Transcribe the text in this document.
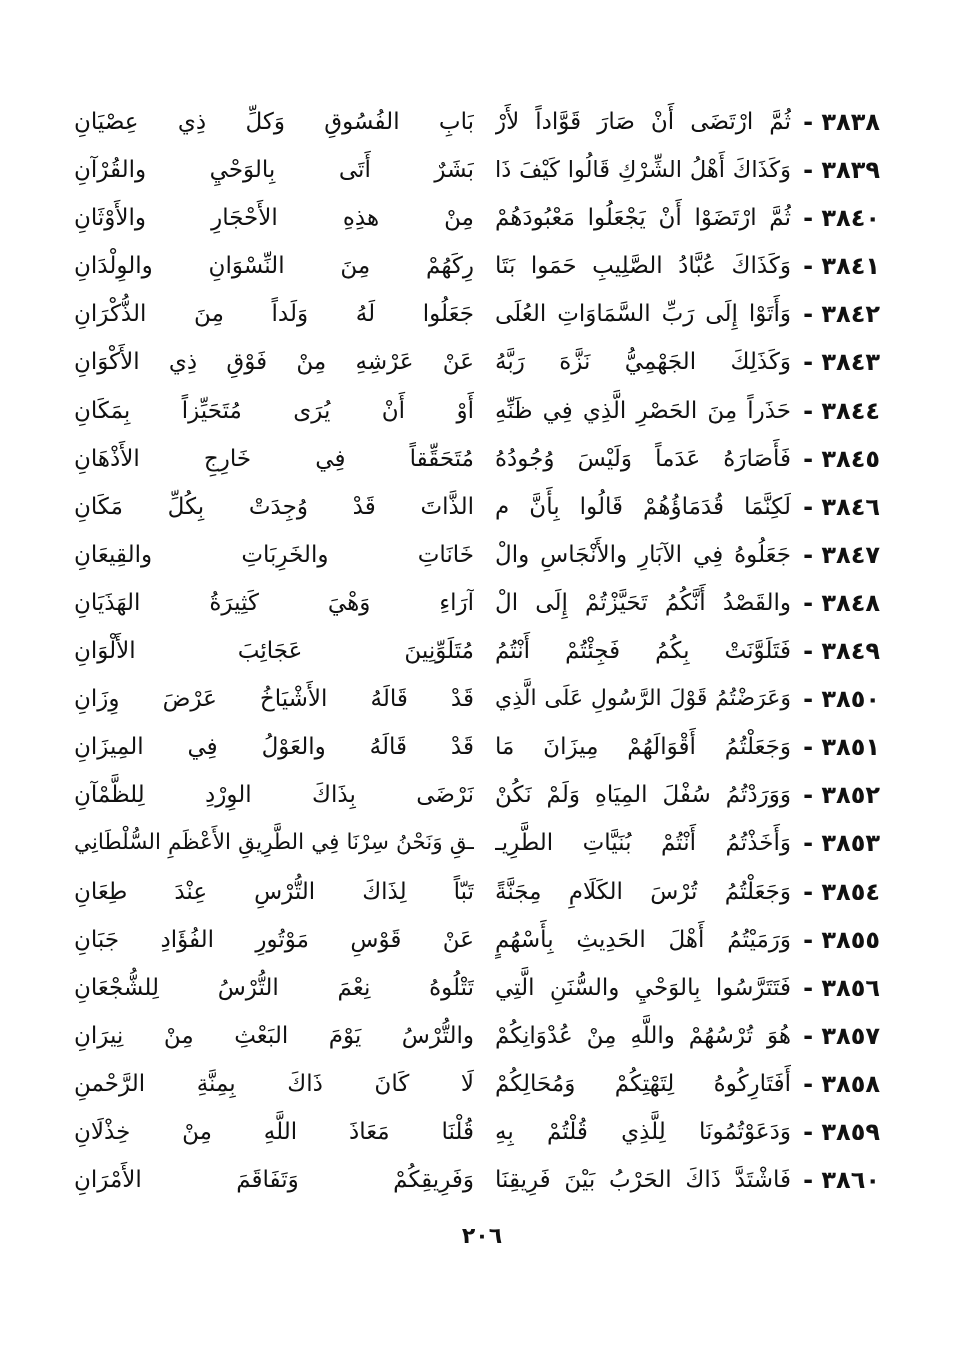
٣٨٣٨ -
ثُمَّ ارْتَضَى أَنْ صَارَ قَوَّاداً لأَرْ
بَابِ الفُسُوقِ وَكلِّ ذِي عِصْيَانِ
٣٨٣٩ -
وَكَذَاكَ أَهْلُ الشِّرْكِ قَالُوا كَيْفَ ذَا
بَشَرٌ أَتَى بِالوَحْيِ والقُرْآنِ
٣٨٤٠ -
ثُمَّ ارْتَضَوْا أَنْ يَجْعَلُوا مَعْبُودَهُمْ
مِنْ هذِهِ الأَحْجَارِ والأَوْثَانِ
٣٨٤١ -
وَكَذَاكَ عُبَّادُ الصَّلِيبِ حَمَوا بَتَا
رِكَهُمْ مِنَ النِّسْوَانِ والوِلْدَانِ
٣٨٤٢ -
وَأَتَوْا إِلَى رَبِّ السَّمَاوَاتِ العُلَى
جَعَلُوا لَهُ وَلَداً مِنَ الذُّكْرَانِ
٣٨٤٣ -
وَكَذَلِكَ الجَهْمِيُّ نَزَّهَ رَبَّهُ
عَنْ عَرْشِهِ مِنْ فَوْقِ ذِي الأَكْوَانِ
٣٨٤٤ -
حَذَراً مِنَ الحَصْرِ الَّذِي فِي ظَنِّهِ
أَوْ أَنْ يُرَى مُتَحَيِّزاً بِمَكَانِ
٣٨٤٥ -
فَأَصَارَهُ عَدَماً وَلَيْسَ وُجُودُهُ
مُتَحَقِّقاً فِي خَارِجِ الأَذْهَانِ
٣٨٤٦ -
لَكِنَّمَا قُدَمَاؤُهُمْ قَالُوا بِأَنَّ م
الذَّاتَ قَدْ وُجِدَتْ بِكُلِّ مَكَانِ
٣٨٤٧ -
جَعَلُوهُ فِي الآبَارِ والأَنْجَاسِ والْ
خَانَاتِ والخَرِبَاتِ والقِيعَانِ
٣٨٤٨ -
والقَصْدُ أَنَّكُمُ تَحَيَّزْتُمْ إِلَى الْ
آرَاءِ وَهْيَ كَثِيرَةُ الهَذَيَانِ
٣٨٤٩ -
فَتَلَوَّنَتْ بِكُمُ فَجِئْتُمْ أَنْتُمُ
مُتَلَوِّنِينَ عَجَائِبَ الأَلْوَانِ
٣٨٥٠ -
وَعَرَضْتُمُ قَوْلَ الرَّسُولِ عَلَى الَّذِي
قَدْ قَالَهُ الأَشْيَاخُ عَرْضَ وِزَانِ
٣٨٥١ -
وَجَعَلْتُمُ أَقْوَالَهُمْ مِيزَانَ مَا
قَدْ قَالَهُ والعَوْلُ فِي المِيزَانِ
٣٨٥٢ -
وَوَرَدْتُمُ سُفْلَ المِيَاهِ وَلَمْ نَكُنْ
نَرْضَى بِذَاكَ الوِرْدِ لِلظَّمْآنِ
٣٨٥٣ -
وَأَخَذْتُمُ أَنْتُمْ بُنَيَّاتِ الطَّرِيـ
ـقِ وَنَحْنُ سِرْنَا فِي الطَّرِيقِ الأَعْظَمِ السُّلْطَانِي
٣٨٥٤ -
وَجَعَلْتُمُ تُرْسَ الكَلَامِ مِجَنَّةً
تَبّاً لِذَاكَ التُّرْسِ عِنْدَ طِعَانِ
٣٨٥٥ -
وَرَمَيْتُمُ أَهْلَ الحَدِيثِ بِأَسْهُمٍ
عَنْ قَوْسِ مَوْتُورِ الفُؤَادِ جَبَانِ
٣٨٥٦ -
فَتَتَرَّسُوا بِالوَحْيِ والسُّنَنِ الَّتِي
تَتْلُوهُ نِعْمَ التُّرْسُ لِلشُّجْعَانِ
٣٨٥٧ -
هُوَ تُرْسُهُمْ واللَّهِ مِنْ عُدْوَانِكُمْ
والتُّرْسُ يَوْمَ البَعْثِ مِنْ نِيرَانِ
٣٨٥٨ -
أَفَتَارِكُوهُ لِتَهْتِكُمْ وَمُحَالِكُمْ
لَا كَانَ ذَاكَ بِمِنَّةِ الرَّحْمنِ
٣٨٥٩ -
وَدَعَوْتُمُونَا لِلَّذِي قُلْتُمْ بِهِ
قُلْنَا مَعَاذَ اللَّهِ مِنْ خِذْلَانِ
٣٨٦٠ -
فَاشْتَدَّ ذَاكَ الحَرْبُ بَيْنَ فَرِيقِنَا
وَفَرِيقِكُمْ وَتَفَاقَمَ الأَمْرَانِ
٢٠٦
